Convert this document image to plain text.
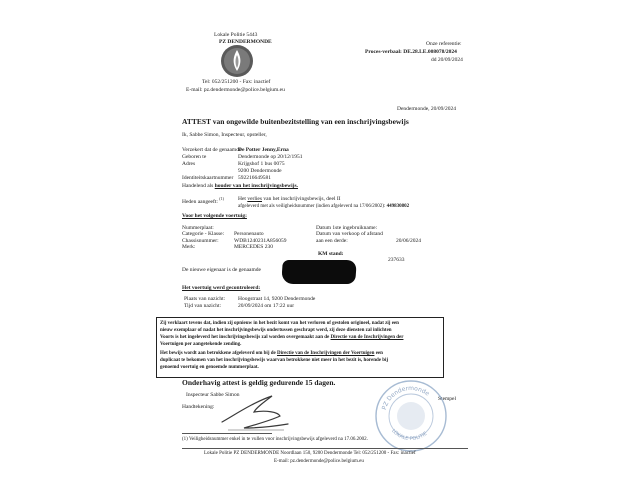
Lokale Politie 5443
PZ DENDERMONDE
Tel: 052/251200 - Fax: inactief
E-mail: pz.dendermonde@police.belgium.eu
Onze referentie:
Proces-verbaal: DE.28.LE.008078/2024
dd 20/09/2024
Dendermonde, 20/09/2024
ATTEST van ongewilde buitenbezitstelling van een inschrijvingsbewijs
Ik, Sabbe Simon, Inspecteur, opsteller,
Verzekert dat de genaamde
De Potter Jenny,Erna
Geboren te	Dendermonde op 20/12/1951
Adres	Krijgshof 1 bus 0075
9200 Dendermonde
Identiteitskaartnummer 592216649581
Handelend als houder van het inschrijvingsbewijs.
Heden aangeeft: $^{(1)}$	Het verlies van het inschrijvingsbewijs, deel II
afgeleverd met als veiligheidsnummer (indien afgeleverd na 17/06/2002): 449830802
Voor het volgende voertuig:
Nummerplaat:
Categorie - Klasse: Personenauto
Chassisnummer:	WDB1240231A856059
Merk:	MERCEDES 230
Datum 1ste ingebruikname:
Datum van verkoop of afstand
aan een derde:	20/06/2024
KM stand:
237633
De nieuwe eigenaar is de genaamde
Het voertuig werd gecontroleerd:
Plaats van nazicht: Hoogstraat 14, 9200 Dendermonde
Tijd van nazicht:	20/09/2024 om 17:22 uur
Zij verklaart tevens dat, indien zij opnieuw in het bezit komt van het verloren of gestolen origineel, nadat zij een
nieuw exemplaar of nadat het inschrijvingsbewijs ondertussen geschrapt werd, zij deze diensten zal inlichten
Voorts is het ingeleverd het inschrijvingsbewijs zal worden overgemaakt aan de Directie van de Inschrijvingen der
Voertuigen per aangetekende zending.
Het bewijs wordt aan betrokkene afgeleverd om bij de Directie van de Inschrijvingen der Voertuigen een
duplicaat te bekomen van het inschrijvingsbewijs waarvan betrokkene niet meer in het bezit is, horende bij
genoemd voertuig en genoemde nummerplaat.
Onderhavig attest is geldig gedurende 15 dagen.
Inspecteur Sabbe Simon
Handtekening:
Stempel
PZ Dendermonde
LOKALE POLITIE
(1) Veiligheidsnummer enkel in te vullen voor inschrijvingsbewijs afgeleverd na 17.06.2002.
Lokale Politie PZ DENDERMONDE Noordlaan 150, 9200 Dendermonde Tel: 052/251200 - Fax: inactief
E-mail: pz.dendermonde@police.belgium.eu
